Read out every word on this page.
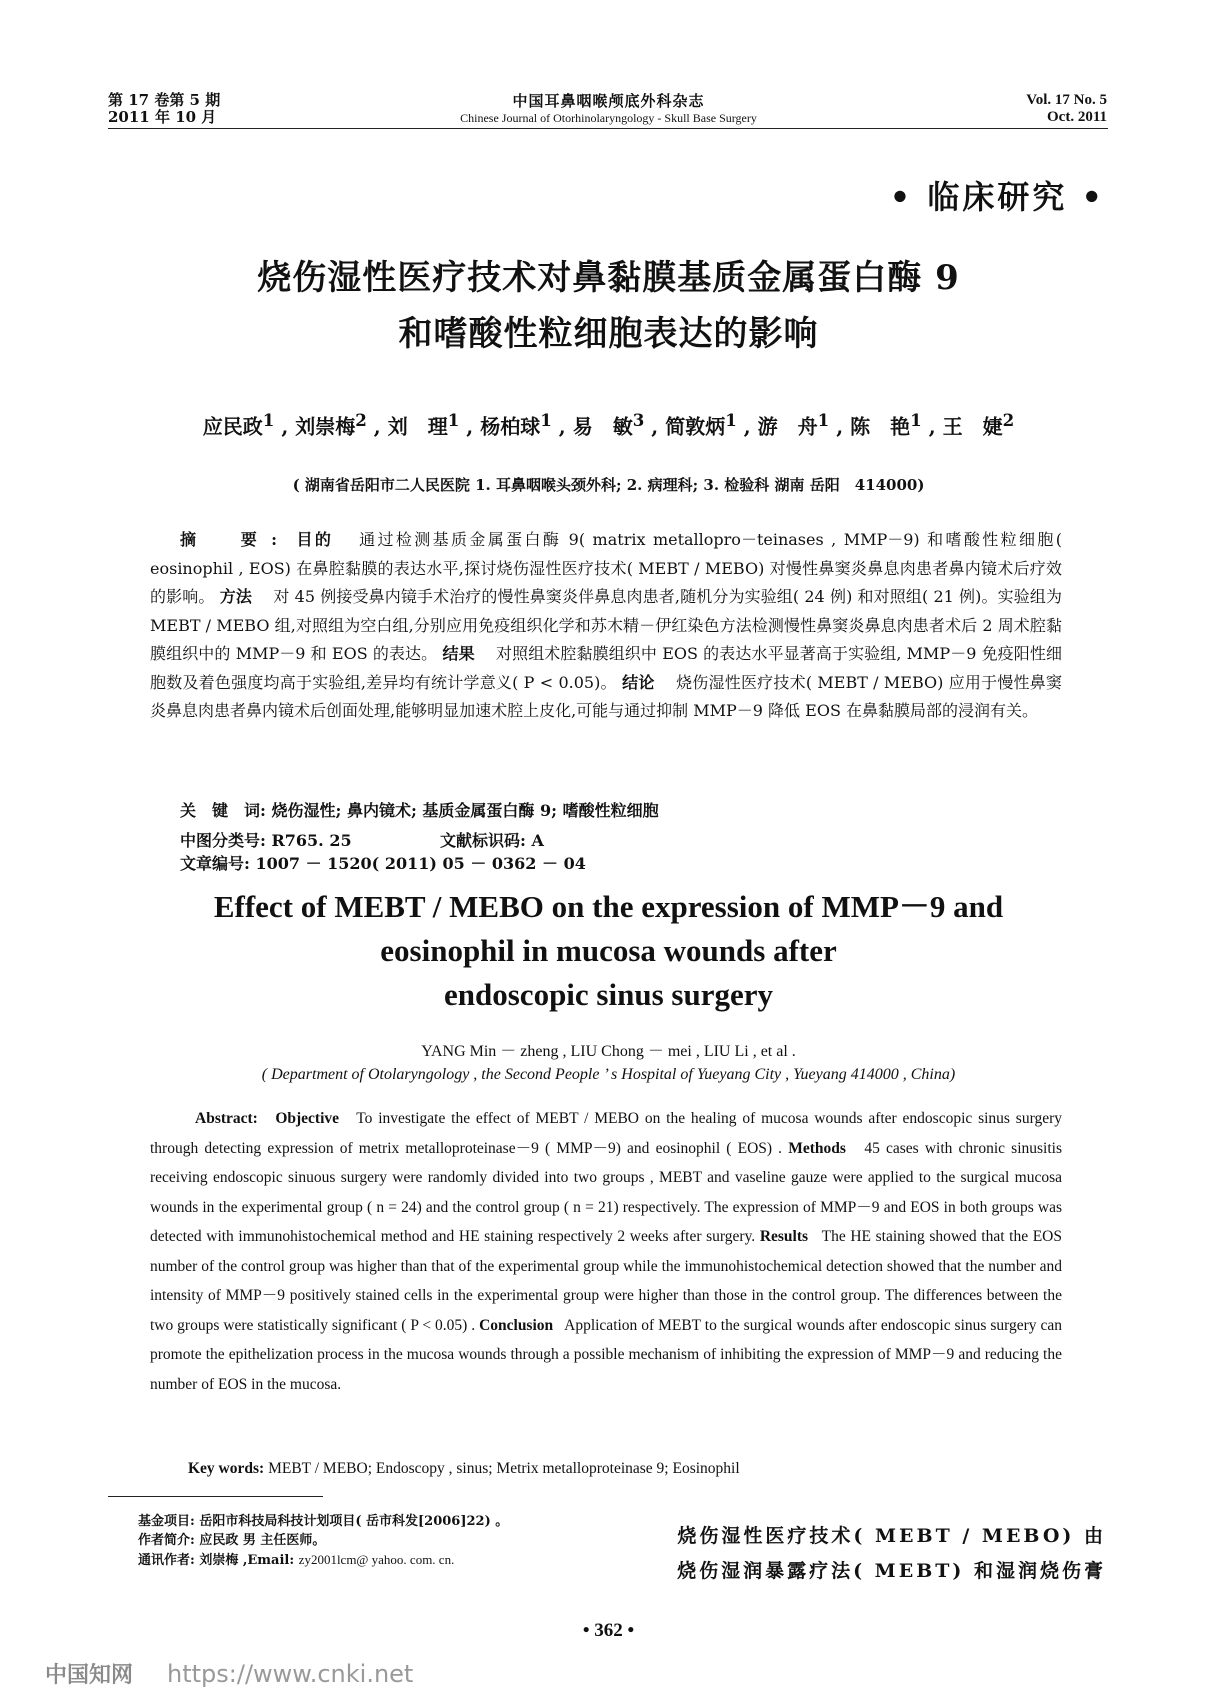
第 17 卷第 5 期
2011 年 10 月
中国耳鼻咽喉颅底外科杂志
Chinese Journal of Otorhinolaryngology - Skull Base Surgery
Vol. 17 No. 5
Oct. 2011
• 临床研究 •
烧伤湿性医疗技术对鼻黏膜基质金属蛋白酶 9
和嗜酸性粒细胞表达的影响
应民政$^1$ , 刘崇梅$^2$ , 刘　理$^1$ , 杨柏球$^1$ , 易　敏$^3$ , 简敦炳$^1$ , 游　舟$^1$ , 陈　艳$^1$ , 王　婕$^2$
( 湖南省岳阳市二人民医院 1. 耳鼻咽喉头颈外科; 2. 病理科; 3. 检验科 湖南 岳阳　414000)

摘　要: 目的　 通过检测基质金属蛋白酶 9( matrix metallopro－teinases , MMP－9) 和嗜酸性粒细胞( eosinophil , EOS) 在鼻腔黏膜的表达水平,探讨烧伤湿性医疗技术( MEBT / MEBO) 对慢性鼻窦炎鼻息肉患者鼻内镜术后疗效的影响。 方法　 对 45 例接受鼻内镜手术治疗的慢性鼻窦炎伴鼻息肉患者,随机分为实验组( 24 例) 和对照组( 21 例)。实验组为 MEBT / MEBO 组,对照组为空白组,分别应用免疫组织化学和苏木精－伊红染色方法检测慢性鼻窦炎鼻息肉患者术后 2 周术腔黏膜组织中的 MMP－9 和 EOS 的表达。 结果　 对照组术腔黏膜组织中 EOS 的表达水平显著高于实验组, MMP－9 免疫阳性细胞数及着色强度均高于实验组,差异均有统计学意义( P < 0.05)。 结论　 烧伤湿性医疗技术( MEBT / MEBO) 应用于慢性鼻窦炎鼻息肉患者鼻内镜术后创面处理,能够明显加速术腔上皮化,可能与通过抑制 MMP－9 降低 EOS 在鼻黏膜局部的浸润有关。

关　键　词: 烧伤湿性; 鼻内镜术; 基质金属蛋白酶 9; 嗜酸性粒细胞
中图分类号: R765. 25	文献标识码: A文章编号: 1007 － 1520( 2011) 05 － 0362 － 04
Effect of MEBT / MEBO on the expression of MMP－9 and
eosinophil in mucosa wounds after
endoscopic sinus surgery
YANG Min － zheng , LIU Chong － mei , LIU Li , et al .
( Department of Otolaryngology , the Second People ’ s Hospital of Yueyang City , Yueyang 414000 , China)

Abstract: Objective To investigate the effect of MEBT / MEBO on the healing of mucosa wounds after endoscopic sinus surgery through detecting expression of metrix metalloproteinase－9 ( MMP－9) and eosinophil ( EOS) . Methods 45 cases with chronic sinusitis receiving endoscopic sinuous surgery were randomly divided into two groups , MEBT and vaseline gauze were applied to the surgical mucosa wounds in the experimental group ( n = 24) and the control group ( n = 21) respectively. The expression of MMP－9 and EOS in both groups was detected with immunohistochemical method and HE staining respectively 2 weeks after surgery. Results The HE staining showed that the EOS number of the control group was higher than that of the experimental group while the immunohistochemical detection showed that the number and intensity of MMP－9 positively stained cells in the experimental group were higher than those in the control group. The differences between the two groups were statistically significant ( P < 0.05) . Conclusion Application of MEBT to the surgical wounds after endoscopic sinus surgery can promote the epithelization process in the mucosa wounds through a possible mechanism of inhibiting the expression of MMP－9 and reducing the number of EOS in the mucosa.

Key words: MEBT / MEBO; Endoscopy , sinus; Metrix metalloproteinase 9; Eosinophil
基金项目: 岳阳市科技局科技计划项目( 岳市科发[2006]22) 。
作者简介: 应民政 男 主任医师。
通讯作者: 刘崇梅 ,Email: zy2001lcm@ yahoo. com. cn.
烧伤湿性医疗技术( MEBT / MEBO) 由
烧伤湿润暴露疗法( MEBT) 和湿润烧伤膏
• 362 •
中国知网 https://www.cnki.net
